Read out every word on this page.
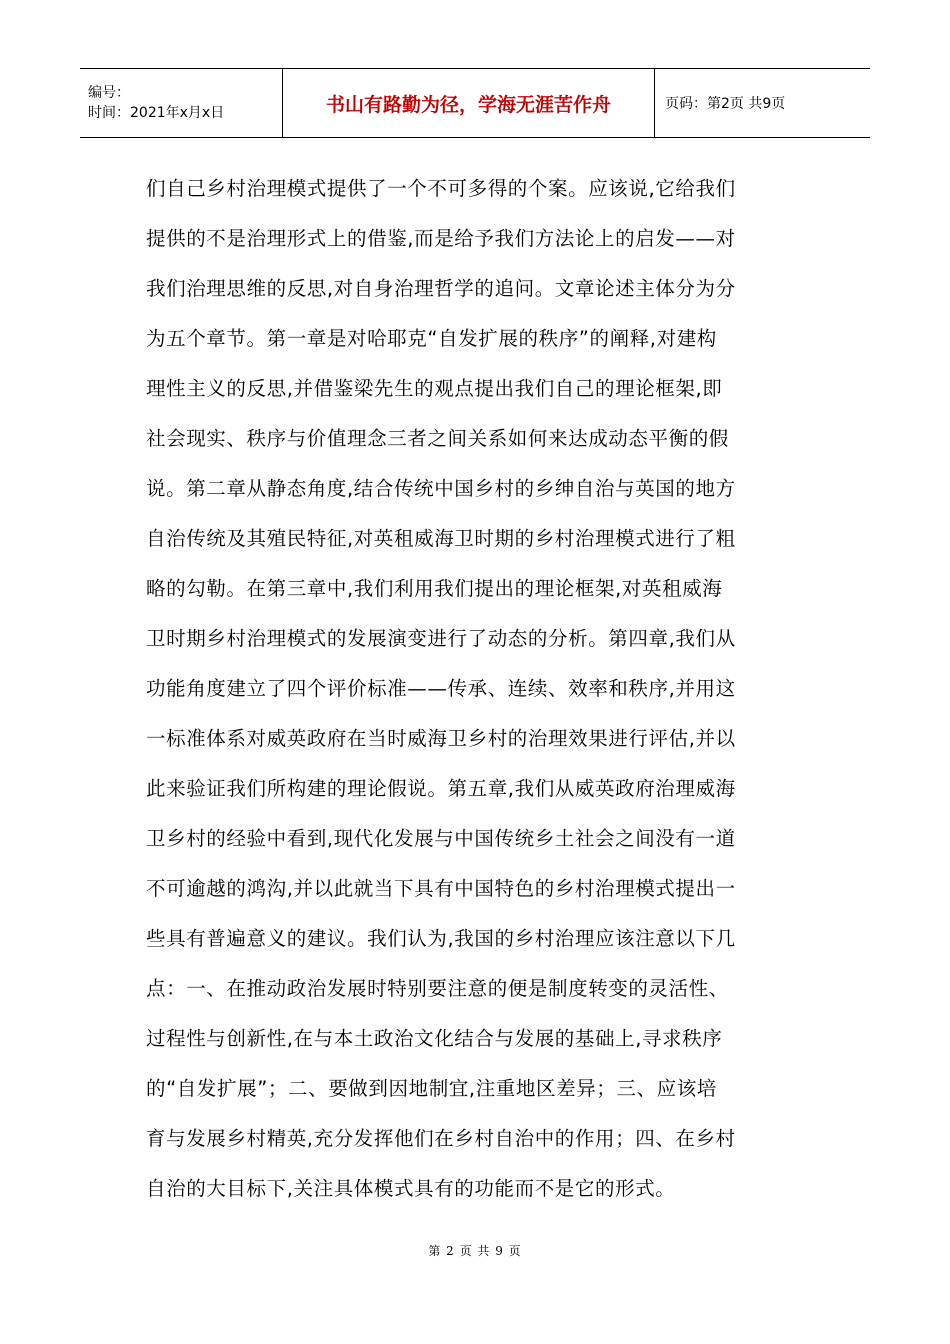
编号：
时间：2021年x月x日	书山有路勤为径，学海无涯苦作舟	页码：第2页 共9页
们自己乡村治理模式提供了一个不可多得的个案。应该说,它给我们
提供的不是治理形式上的借鉴,而是给予我们方法论上的启发——对
我们治理思维的反思,对自身治理哲学的追问。文章论述主体分为分
为五个章节。第一章是对哈耶克“自发扩展的秩序”的阐释,对建构
理性主义的反思,并借鉴梁先生的观点提出我们自己的理论框架,即
社会现实、秩序与价值理念三者之间关系如何来达成动态平衡的假
说。第二章从静态角度,结合传统中国乡村的乡绅自治与英国的地方
自治传统及其殖民特征,对英租威海卫时期的乡村治理模式进行了粗
略的勾勒。在第三章中,我们利用我们提出的理论框架,对英租威海
卫时期乡村治理模式的发展演变进行了动态的分析。第四章,我们从
功能角度建立了四个评价标准——传承、连续、效率和秩序,并用这
一标准体系对威英政府在当时威海卫乡村的治理效果进行评估,并以
此来验证我们所构建的理论假说。第五章,我们从威英政府治理威海
卫乡村的经验中看到,现代化发展与中国传统乡土社会之间没有一道
不可逾越的鸿沟,并以此就当下具有中国特色的乡村治理模式提出一
些具有普遍意义的建议。我们认为,我国的乡村治理应该注意以下几
点：一、在推动政治发展时特别要注意的便是制度转变的灵活性、
过程性与创新性,在与本土政治文化结合与发展的基础上,寻求秩序
的“自发扩展”；二、要做到因地制宜,注重地区差异；三、应该培
育与发展乡村精英,充分发挥他们在乡村自治中的作用；四、在乡村
自治的大目标下,关注具体模式具有的功能而不是它的形式。
第 2 页 共 9 页
